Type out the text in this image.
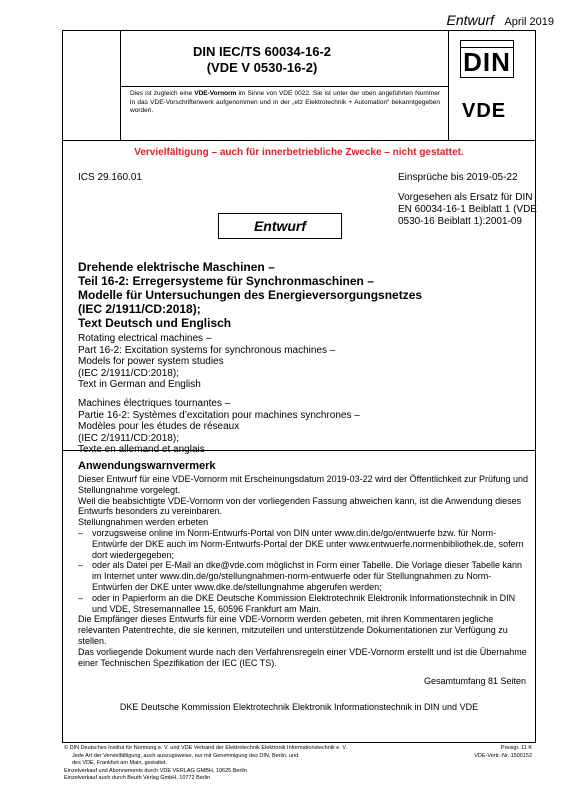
Entwurf April 2019
DIN IEC/TS 60034-16-2
(VDE V 0530-16-2)
Dies ist zugleich eine VDE-Vornorm im Sinne von VDE 0022. Sie ist unter der oben angeführten Nummer in das VDE-Vorschriftenwerk aufgenommen und in der „etz Elektrotechnik + Automation“ bekanntgegeben worden.
DIN
VDE
Vervielfältigung – auch für innerbetriebliche Zwecke – nicht gestattet.
ICS 29.160.01	Einsprüche bis 2019-05-22
Vorgesehen als Ersatz für DIN EN 60034-16-1 Beiblatt 1 (VDE 0530-16 Beiblatt 1):2001-09
Entwurf
Drehende elektrische Maschinen –
Teil 16-2: Erregersysteme für Synchronmaschinen –
Modelle für Untersuchungen des Energieversorgungsnetzes
(IEC 2/1911/CD:2018);
Text Deutsch und Englisch
Rotating electrical machines –
Part 16-2: Excitation systems for synchronous machines –
Models for power system studies
(IEC 2/1911/CD:2018);
Text in German and English
Machines électriques tournantes –
Partie 16-2: Systèmes d’excitation pour machines synchrones –
Modèles pour les études de réseaux
(IEC 2/1911/CD:2018);
Texte en allemand et anglais
Anwendungswarnvermerk

Dieser Entwurf für eine VDE-Vornorm mit Erscheinungsdatum 2019-03-22 wird der Öffentlichkeit zur Prüfung und Stellungnahme vorgelegt.

Weil die beabsichtigte VDE-Vornorm von der vorliegenden Fassung abweichen kann, ist die Anwendung dieses Entwurfs besonders zu vereinbaren.

Stellungnahmen werden erbeten

– vorzugsweise online im Norm-Entwurfs-Portal von DIN unter www.din.de/go/entwuerfe bzw. für Norm-Entwürfe der DKE auch im Norm-Entwurfs-Portal der DKE unter www.entwuerfe.normenbibliothek.de, sofern dort wiedergegeben;

– oder als Datei per E-Mail an dke@vde.com möglichst in Form einer Tabelle. Die Vorlage dieser Tabelle kann im Internet unter www.din.de/go/stellungnahmen-norm-entwuerfe oder für Stellungnahmen zu Norm-Entwürfen der DKE unter www.dke.de/stellungnahme abgerufen werden;

– oder in Papierform an die DKE Deutsche Kommission Elektrotechnik Elektronik Informationstechnik in DIN und VDE, Stresemannallee 15, 60596 Frankfurt am Main.

Die Empfänger dieses Entwurfs für eine VDE-Vornorm werden gebeten, mit ihren Kommentaren jegliche relevanten Patentrechte, die sie kennen, mitzuteilen und unterstützende Dokumentationen zur Verfügung zu stellen.

Das vorliegende Dokument wurde nach den Verfahrensregeln einer VDE-Vornorm erstellt und ist die Übernahme einer Technischen Spezifikation der IEC (IEC TS).

Gesamtumfang 81 Seiten
DKE Deutsche Kommission Elektrotechnik Elektronik Informationstechnik in DIN und VDE
© DIN Deutsches Institut für Normung e. V. und VDE Verband der Elektrotechnik Elektronik Informationstechnik e. V.
Jede Art der Vervielfältigung, auch auszugsweise, nur mit Genehmigung des DIN, Berlin, und
des VDE, Frankfurt am Main, gestattet.
Einzelverkauf und Abonnements durch VDE VERLAG GMBH, 10625 Berlin
Einzelverkauf auch durch Beuth Verlag GmbH, 10772 Berlin
Preisgr. 11 K
VDE-Vertr.-Nr. 1500152
